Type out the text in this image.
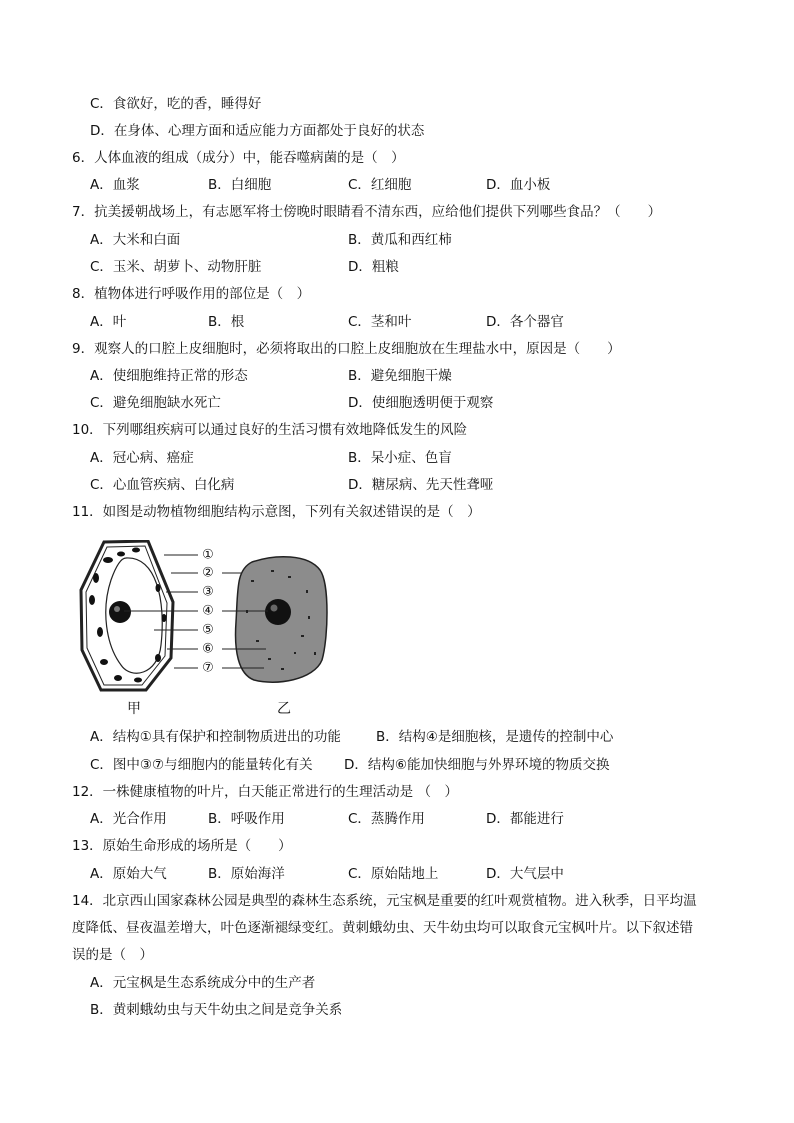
C．食欲好，吃的香，睡得好
D．在身体、心理方面和适应能力方面都处于良好的状态
6．人体血液的组成（成分）中，能吞噬病菌的是（　）
A．血浆	B．白细胞	C．红细胞	D．血小板
7．抗美援朝战场上，有志愿军将士傍晚时眼睛看不清东西，应给他们提供下列哪些食品？（　　）
A．大米和白面	B．黄瓜和西红柿
C．玉米、胡萝卜、动物肝脏	D．粗粮
8．植物体进行呼吸作用的部位是（　）
A．叶	B．根	C．茎和叶	D．各个器官
9．观察人的口腔上皮细胞时，必须将取出的口腔上皮细胞放在生理盐水中，原因是（　　）
A．使细胞维持正常的形态	B．避免细胞干燥
C．避免细胞缺水死亡	D．使细胞透明便于观察
10．下列哪组疾病可以通过良好的生活习惯有效地降低发生的风险
A．冠心病、癌症	B．呆小症、色盲
C．心血管疾病、白化病	D．糖尿病、先天性聋哑
11．如图是动物植物细胞结构示意图，下列有关叙述错误的是（　）
①
②
③
④
⑤
⑥
⑦
甲	乙
A．结构①具有保护和控制物质进出的功能	B．结构④是细胞核，是遗传的控制中心
C．图中③⑦与细胞内的能量转化有关 D．结构⑥能加快细胞与外界环境的物质交换
12．一株健康植物的叶片，白天能正常进行的生理活动是 （　）
A．光合作用	B．呼吸作用	C．蒸腾作用	D．都能进行
13．原始生命形成的场所是（　　）
A．原始大气	B．原始海洋	C．原始陆地上	D．大气层中
14．北京西山国家森林公园是典型的森林生态系统，元宝枫是重要的红叶观赏植物。进入秋季，日平均温
度降低、昼夜温差增大，叶色逐渐褪绿变红。黄刺蛾幼虫、天牛幼虫均可以取食元宝枫叶片。以下叙述错
误的是（　）
A．元宝枫是生态系统成分中的生产者
B．黄刺蛾幼虫与天牛幼虫之间是竞争关系
